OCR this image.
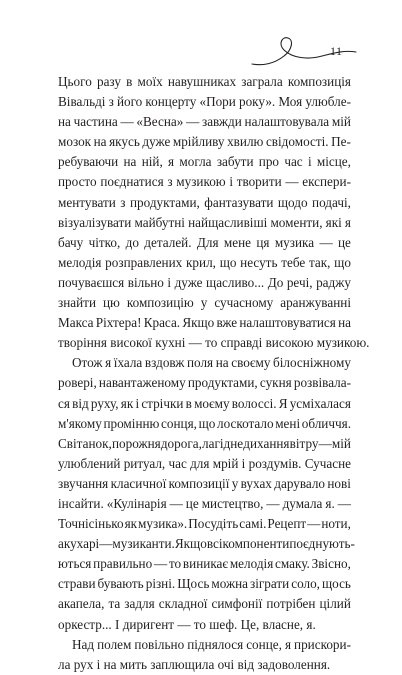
11
Цього разу в моїх навушниках заграла композиція
Вівальді з його концерту «Пори року». Моя улюбле-
на частина — «Весна» — завжди налаштовувала мій
мозок на якусь дуже мрійливу хвилю свідомості. Пе-
ребуваючи на ній, я могла забути про час і місце,
просто поєднатися з музикою і творити — експери-
ментувати з продуктами, фантазувати щодо подачі,
візуалізувати майбутні найщасливіші моменти, які я
бачу чітко, до деталей. Для мене ця музика — це
мелодія розправлених крил, що несуть тебе так, що
почуваєшся вільно і дуже щасливо... До речі, раджу
знайти цю композицію у сучасному аранжуванні
Макса Ріхтера! Краса. Якщо вже налаштовуватися на
творіння високої кухні — то справді високою музикою.
Отож я їхала вздовж поля на своєму білосніжному
ровері, навантаженому продуктами, сукня розвівала-
ся від руху, як і стрічки в моєму волоссі. Я усміхалася
м'якому промінню сонця, що лоскотало мені обличчя.
Світанок, порожня дорога, лагідне дихання вітру — мій
улюблений ритуал, час для мрій і роздумів. Сучасне
звучання класичної композиції у вухах дарувало нові
інсайти. «Кулінарія — це мистецтво, — думала я. —
Точнісінько як музика». Посудіть самі. Рецепт — ноти,
а кухарі — музиканти. Якщо всі компоненти поєднують-
ються правильно — то виникає мелодія смаку. Звісно,
страви бувають різні. Щось можна зіграти соло, щось
акапела, та задля складної симфонії потрібен цілий
оркестр... І диригент — то шеф. Це, власне, я.
Над полем повільно піднялося сонце, я прискори-
ла рух і на мить заплющила очі від задоволення.
